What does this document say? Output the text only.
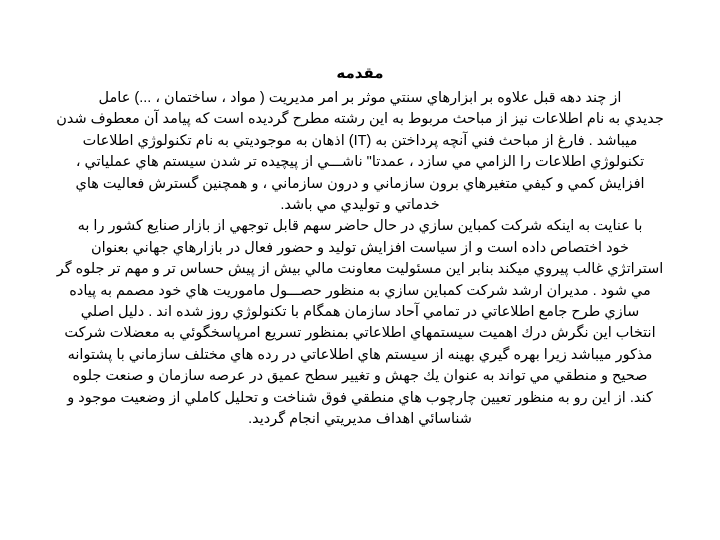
مقدمه
از چند دهه قبل علاوه بر ابزارهاي سنتي موثر بر امر مديريت ( مواد ، ساختمان ، ...) عامل
جديدي به نام اطلاعات نيز از مباحث مربوط به اين رشته مطرح گرديده است كه پيامد آن معطوف شدن
ميباشد . فارغ از مباحث فني آنچه پرداختن به (IT) اذهان به موجوديتي به نام تكنولوژي اطلاعات
تكنولوژي اطلاعات را الزامي مي سازد ، عمدتا" ناشـــي از پيچيده تر شدن سيستم هاي عملياتي ،
افزايش كمي و كيفي متغيرهاي برون سازماني و درون سازماني ، و همچنين گسترش فعاليت هاي
خدماتي و توليدي مي باشد.
با عنايت به اينكه شركت كمباين سازي در حال حاضر سهم قابل توجهي از بازار صنايع كشور را به
خود اختصاص داده است و از سياست افزايش توليد و حضور فعال در بازارهاي جهاني بعنوان
استراتژي غالب پيروي ميكند بنابر اين مسئوليت معاونت مالي بيش از پيش حساس تر و مهم تر جلوه گر
مي شود . مديران ارشد شركت كمباين سازي به منظور حصـــول ماموريت هاي خود مصمم به پياده
سازي طرح جامع اطلاعاتي در تمامي آحاد سازمان همگام با تكنولوژي روز شده اند . دليل اصلي
انتخاب اين نگرش درك اهميت سيستمهاي اطلاعاتي بمنظور تسريع امرپاسخگوئي به معضلات شركت
مذكور ميباشد زيرا بهره گيري بهينه از سيستم هاي اطلاعاتي در رده هاي مختلف سازماني با پشتوانه
صحيح و منطقي مي تواند به عنوان يك جهش و تغيير سطح عميق در عرصه سازمان و صنعت جلوه
كند. از اين رو به منظور تعيين چارچوب هاي منطقي فوق شناخت و تحليل كاملي از وضعيت موجود و
شناسائي اهداف مديريتي انجام گرديد.
